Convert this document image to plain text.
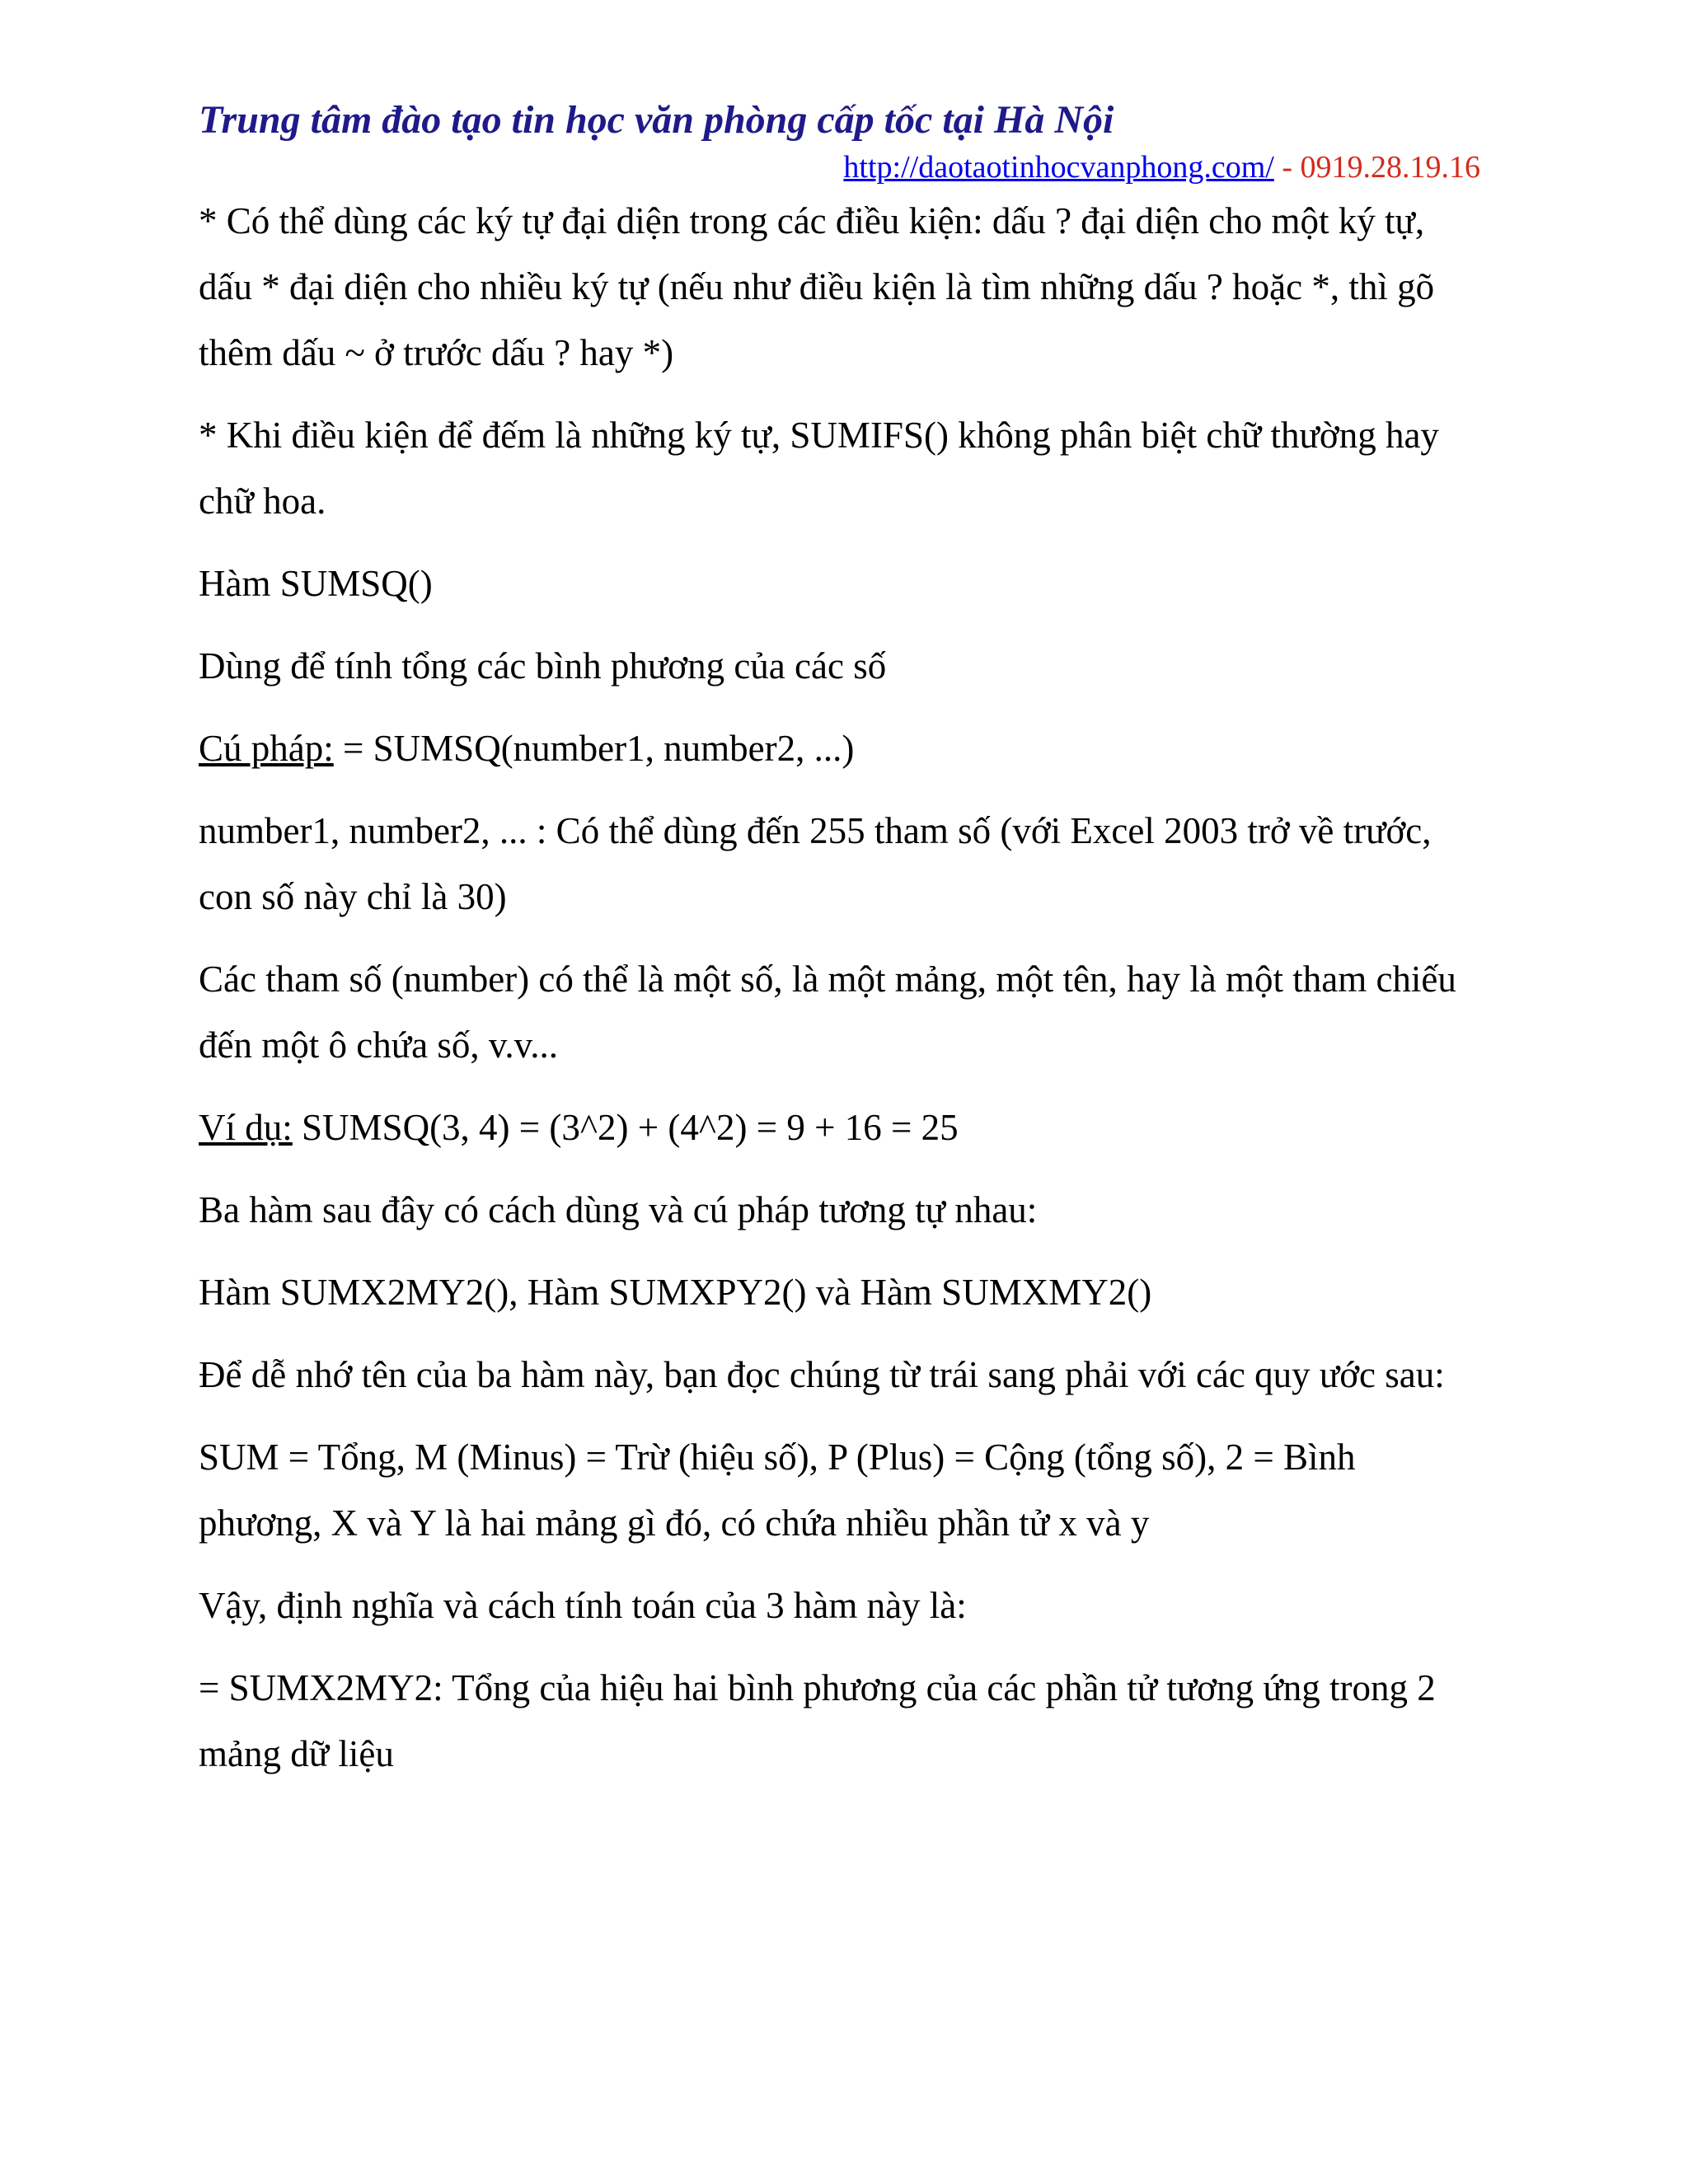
Trung tâm đào tạo tin học văn phòng cấp tốc tại Hà Nội
http://daotaotinhocvanphong.com/ - 0919.28.19.16

* Có thể dùng các ký tự đại diện trong các điều kiện: dấu ? đại diện cho một ký tự, dấu * đại diện cho nhiều ký tự (nếu như điều kiện là tìm những dấu ? hoặc *, thì gõ thêm dấu ~ ở trước dấu ? hay *)

* Khi điều kiện để đếm là những ký tự, SUMIFS() không phân biệt chữ thường hay chữ hoa.

Hàm SUMSQ()

Dùng để tính tổng các bình phương của các số

Cú pháp: = SUMSQ(number1, number2, ...)

number1, number2, ... : Có thể dùng đến 255 tham số (với Excel 2003 trở về trước, con số này chỉ là 30)

Các tham số (number) có thể là một số, là một mảng, một tên, hay là một tham chiếu đến một ô chứa số, v.v...

Ví dụ: SUMSQ(3, 4) = (3^2) + (4^2) = 9 + 16 = 25

Ba hàm sau đây có cách dùng và cú pháp tương tự nhau:

Hàm SUMX2MY2(), Hàm SUMXPY2() và Hàm SUMXMY2()

Để dễ nhớ tên của ba hàm này, bạn đọc chúng từ trái sang phải với các quy ước sau:

SUM = Tổng, M (Minus) = Trừ (hiệu số), P (Plus) = Cộng (tổng số), 2 = Bình phương, X và Y là hai mảng gì đó, có chứa nhiều phần tử x và y

Vậy, định nghĩa và cách tính toán của 3 hàm này là:

= SUMX2MY2: Tổng của hiệu hai bình phương của các phần tử tương ứng trong 2 mảng dữ liệu
